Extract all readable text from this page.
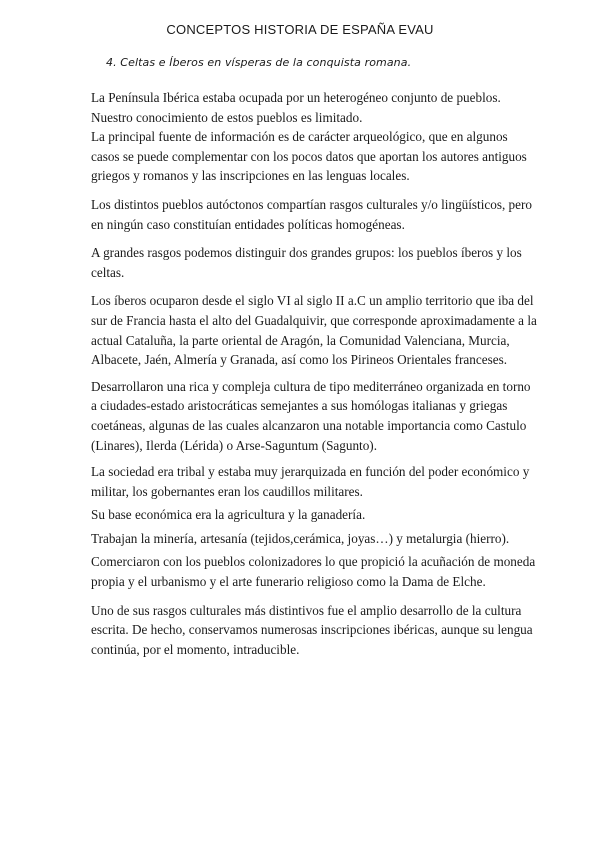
CONCEPTOS HISTORIA DE ESPAÑA EVAU
4. Celtas e Íberos en vísperas de la conquista romana.

La Península Ibérica estaba ocupada por un heterogéneo conjunto de pueblos. Nuestro conocimiento de estos pueblos es limitado.

La principal fuente de información es de carácter arqueológico, que en algunos casos se puede complementar con los pocos datos que aportan los autores antiguos griegos y romanos y las inscripciones en las lenguas locales.

Los distintos pueblos autóctonos compartían rasgos culturales y/o lingüísticos, pero en ningún caso constituían entidades políticas homogéneas.

A grandes rasgos podemos distinguir dos grandes grupos: los pueblos íberos y los celtas.

Los íberos ocuparon desde el siglo VI al siglo II a.C un amplio territorio que iba del sur de Francia hasta el alto del Guadalquivir, que corresponde aproximadamente a la actual Cataluña, la parte oriental de Aragón, la Comunidad Valenciana, Murcia, Albacete, Jaén, Almería y Granada, así como los Pirineos Orientales franceses.

Desarrollaron una rica y compleja cultura de tipo mediterráneo organizada en torno a ciudades-estado aristocráticas semejantes a sus homólogas italianas y griegas coetáneas, algunas de las cuales alcanzaron una notable importancia como Castulo (Linares), Ilerda (Lérida) o Arse-Saguntum (Sagunto).

La sociedad era tribal y estaba muy jerarquizada en función del poder económico y militar, los gobernantes eran los caudillos militares.

Su base económica era la agricultura y la ganadería.

Trabajan la minería, artesanía (tejidos,cerámica, joyas…) y metalurgia (hierro).

Comerciaron con los pueblos colonizadores lo que propició la acuñación de moneda propia y el urbanismo y el arte funerario religioso como la Dama de Elche.

Uno de sus rasgos culturales más distintivos fue el amplio desarrollo de la cultura escrita. De hecho, conservamos numerosas inscripciones ibéricas, aunque su lengua continúa, por el momento, intraducible.
